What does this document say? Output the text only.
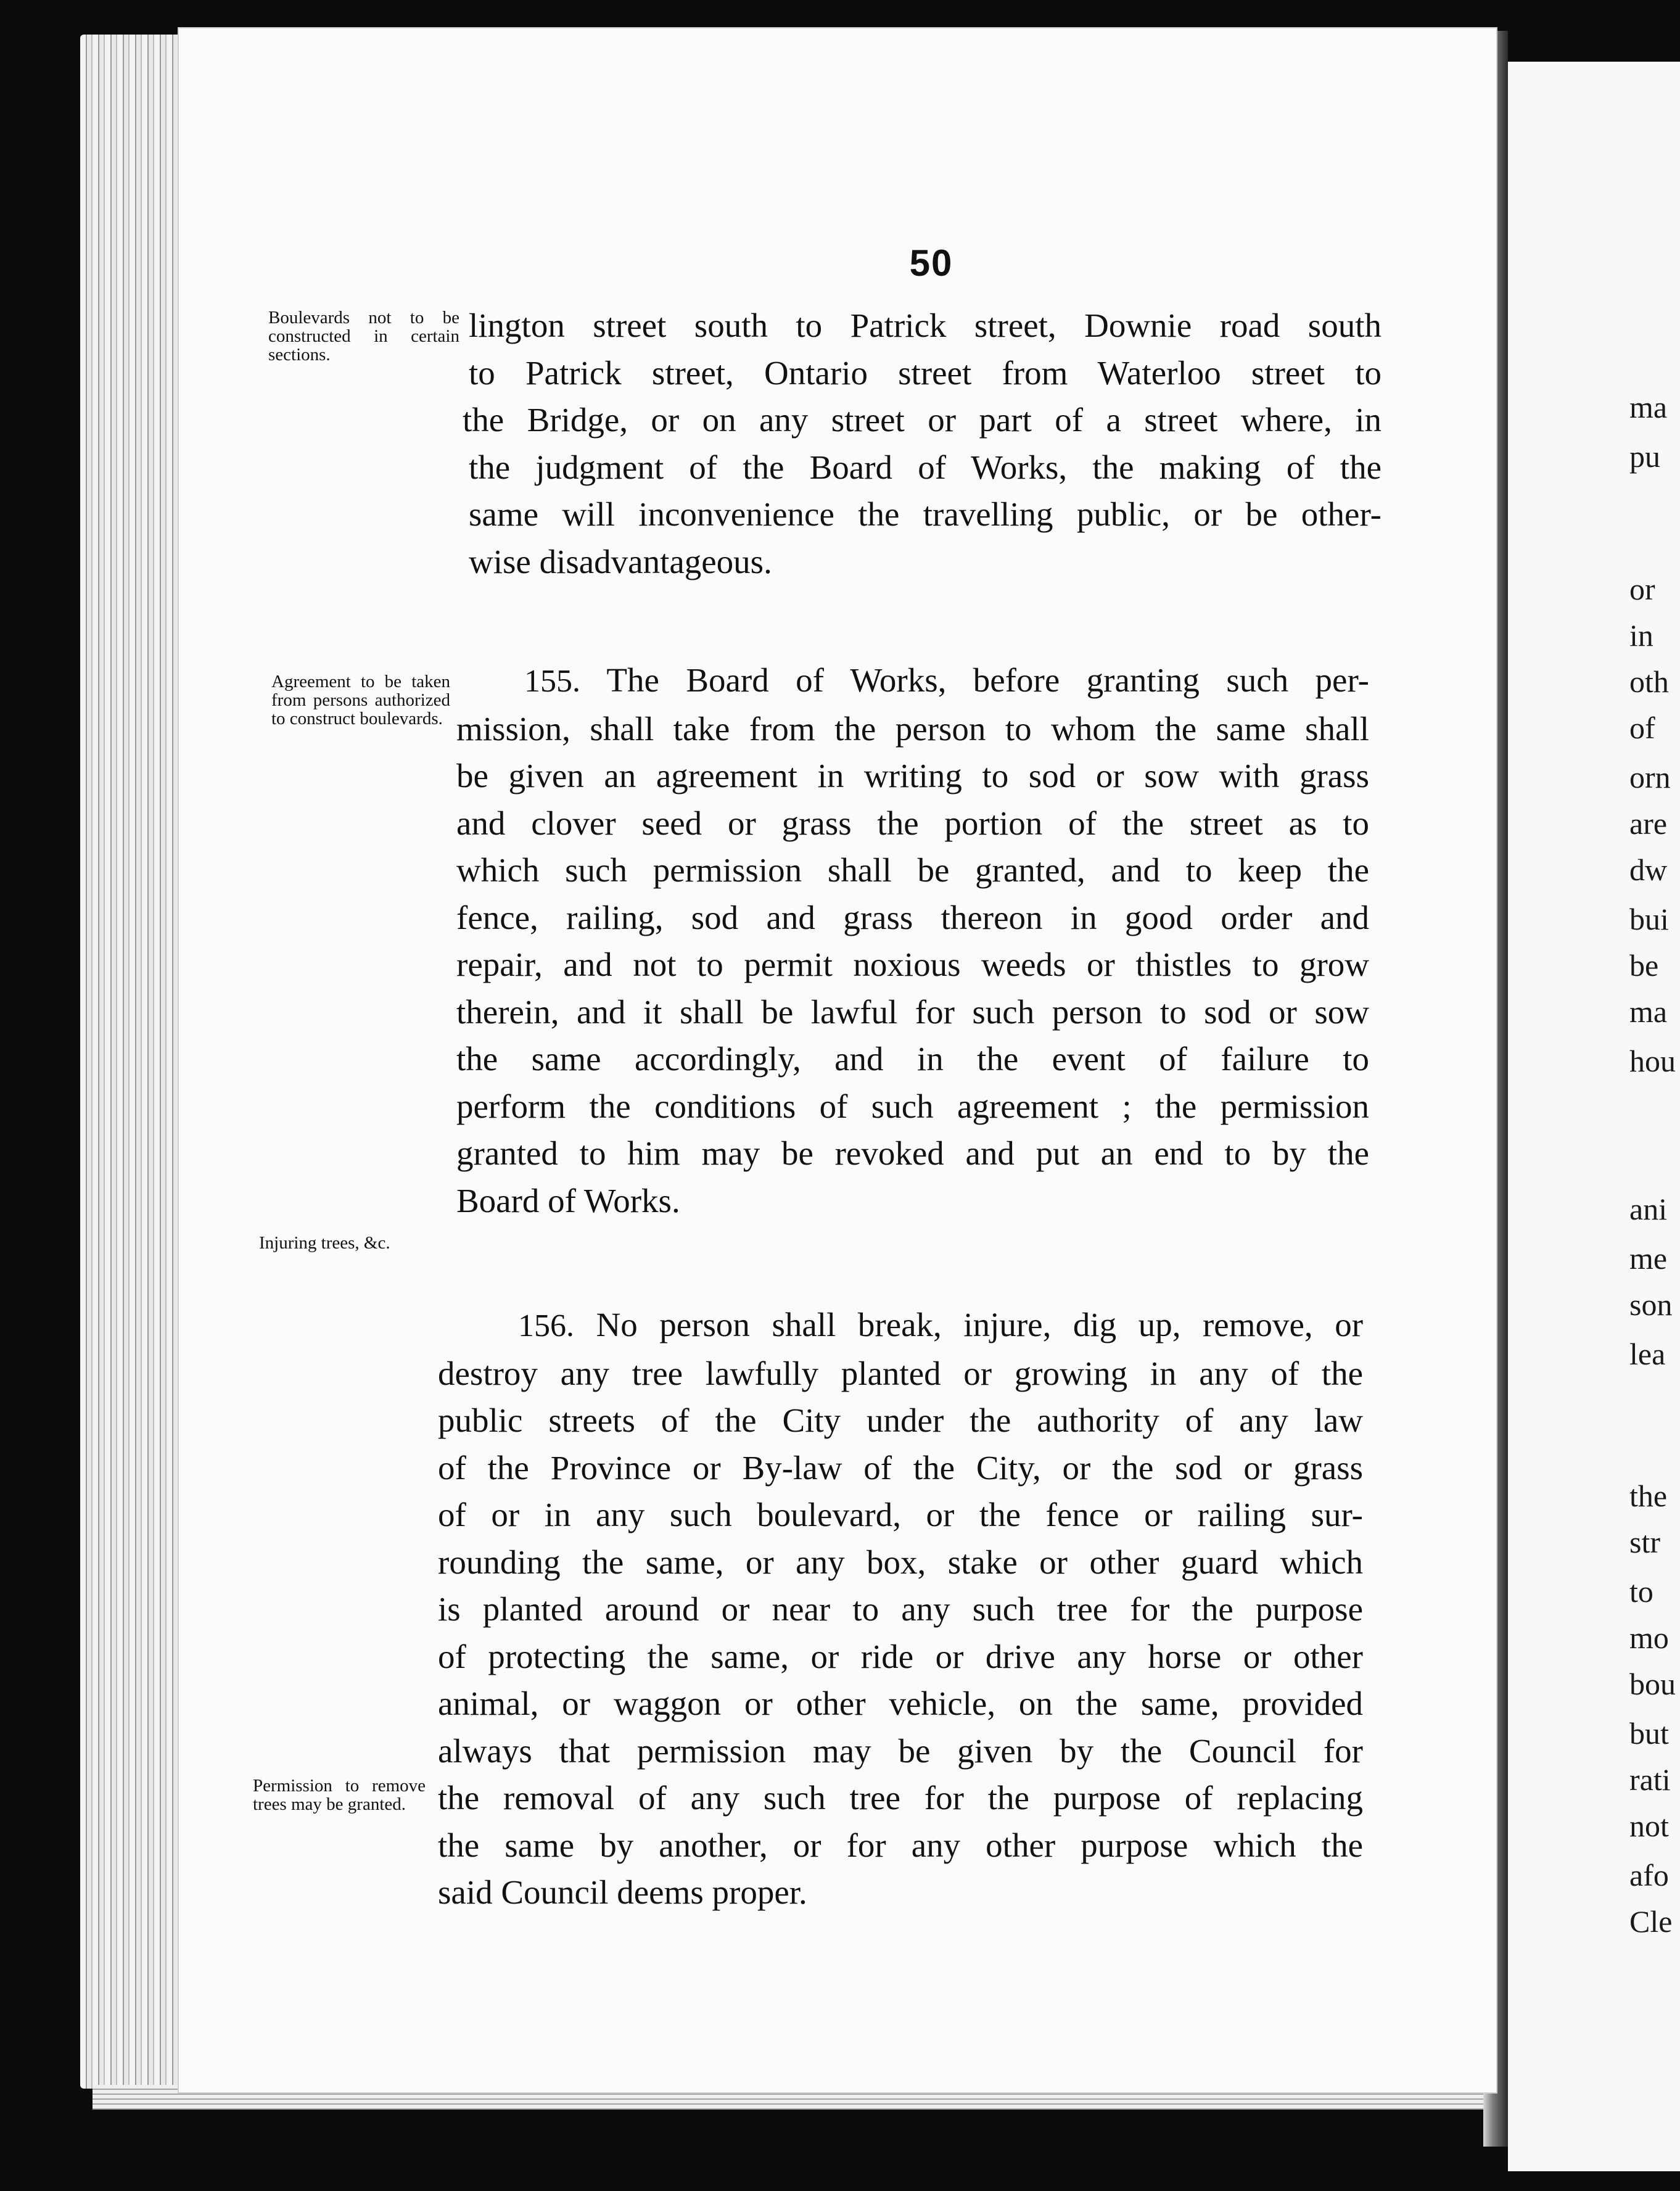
50
Boulevards not to be constructed in certain sections.
Agreement to be taken from persons authorized to construct boulevards.
Injuring trees, &c.
Permission to remove trees may be granted.
lington street south to Patrick street, Downie road south
to Patrick street, Ontario street from Waterloo street to
the Bridge, or on any street or part of a street where, in
the judgment of the Board of Works, the making of the
same will inconvenience the travelling public, or be other-
wise disadvantageous.
155. The Board of Works, before granting such per-
mission, shall take from the person to whom the same shall
be given an agreement in writing to sod or sow with grass
and clover seed or grass the portion of the street as to
which such permission shall be granted, and to keep the
fence, railing, sod and grass thereon in good order and
repair, and not to permit noxious weeds or thistles to grow
therein, and it shall be lawful for such person to sod or sow
the same accordingly, and in the event of failure to
perform the conditions of such agreement ; the permission
granted to him may be revoked and put an end to by the
Board of Works.
156. No person shall break, injure, dig up, remove, or
destroy any tree lawfully planted or growing in any of the
public streets of the City under the authority of any law
of the Province or By-law of the City, or the sod or grass
of or in any such boulevard, or the fence or railing sur-
rounding the same, or any box, stake or other guard which
is planted around or near to any such tree for the purpose
of protecting the same, or ride or drive any horse or other
animal, or waggon or other vehicle, on the same, provided
always that permission may be given by the Council for
the removal of any such tree for the purpose of replacing
the same by another, or for any other purpose which the
said Council deems proper.
ma
pu
or
in
oth
of
orn
are
dw
bui
be
ma
hou
ani
me
son
lea
the
str
to
mo
bou
but
rati
not
afo
Cle
